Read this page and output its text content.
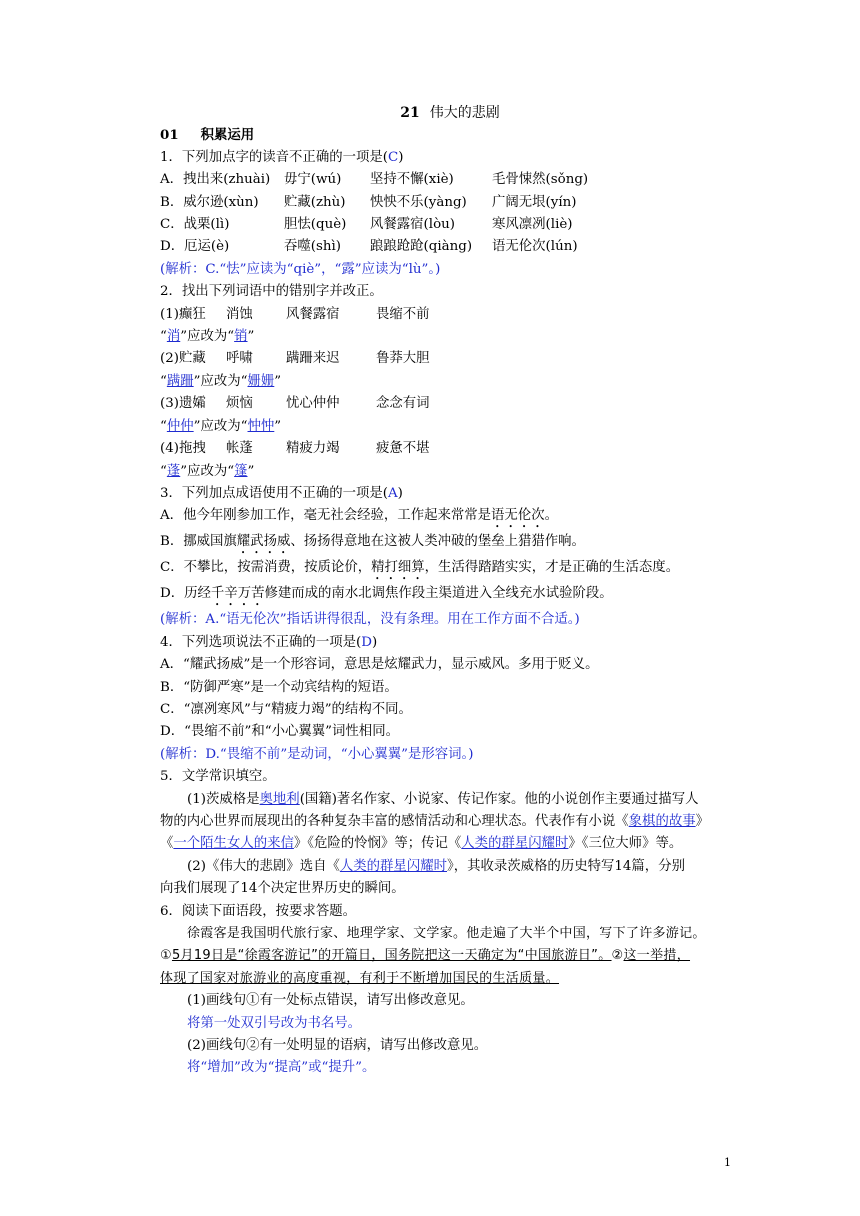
21 伟大的悲剧
01 积累运用
1．下列加点字的读音不正确的一项是(C)
A．拽出来(zhuài)	毋宁(wú)	坚持不懈(xiè)	毛骨悚然(sǒng)
B．威尔逊(xùn)	贮藏(zhù)	怏怏不乐(yàng)	广阔无垠(yín)
C．战栗(lì)	胆怯(què)	风餐露宿(lòu)	寒风凛冽(liè)
D．厄运(è)	吞噬(shì)	踉踉跄跄(qiàng)	语无伦次(lún)
(解析：C.“怯”应读为“qiè”，“露”应读为“lù”。)
2．找出下列词语中的错别字并改正。
(1)癫狂 消蚀 风餐露宿	畏缩不前
“消”应改为“销”
(2)贮藏 呼啸 蹒跚来迟	鲁莽大胆
“蹒跚”应改为“姗姗”
(3)遗孀 烦恼 忧心仲仲	念念有词
“仲仲”应改为“忡忡”
(4)拖拽 帐蓬 精疲力竭	疲惫不堪
“蓬”应改为“篷”
3．下列加点成语使用不正确的一项是(A)
A．他今年刚参加工作，毫无社会经验，工作起来常常是语无伦次。
B．挪威国旗耀武扬威、扬扬得意地在这被人类冲破的堡垒上猎猎作响。
C．不攀比，按需消费，按质论价，精打细算，生活得踏踏实实，才是正确的生活态度。
D．历经千辛万苦修建而成的南水北调焦作段主渠道进入全线充水试验阶段。
(解析：A.“语无伦次”指话讲得很乱，没有条理。用在工作方面不合适。)
4．下列选项说法不正确的一项是(D)
A．“耀武扬威”是一个形容词，意思是炫耀武力，显示威风。多用于贬义。
B．“防御严寒”是一个动宾结构的短语。
C．“凛冽寒风”与“精疲力竭”的结构不同。
D．“畏缩不前”和“小心翼翼”词性相同。
(解析：D.“畏缩不前”是动词，“小心翼翼”是形容词。)
5．文学常识填空。
(1)茨威格是奥地利(国籍)著名作家、小说家、传记作家。他的小说创作主要通过描写人
物的内心世界而展现出的各种复杂丰富的感情活动和心理状态。代表作有小说《象棋的故事》
《一个陌生女人的来信》《危险的怜悯》等；传记《人类的群星闪耀时》《三位大师》等。
(2)《伟大的悲剧》选自《人类的群星闪耀时》，其收录茨威格的历史特写14篇，分别
向我们展现了14个决定世界历史的瞬间。
6．阅读下面语段，按要求答题。
徐霞客是我国明代旅行家、地理学家、文学家。他走遍了大半个中国，写下了许多游记。
①5月19日是“徐霞客游记”的开篇日，国务院把这一天确定为“中国旅游日”。②这一举措，
体现了国家对旅游业的高度重视，有利于不断增加国民的生活质量。
(1)画线句①有一处标点错误，请写出修改意见。
将第一处双引号改为书名号。
(2)画线句②有一处明显的语病，请写出修改意见。
将“增加”改为“提高”或“提升”。
1
